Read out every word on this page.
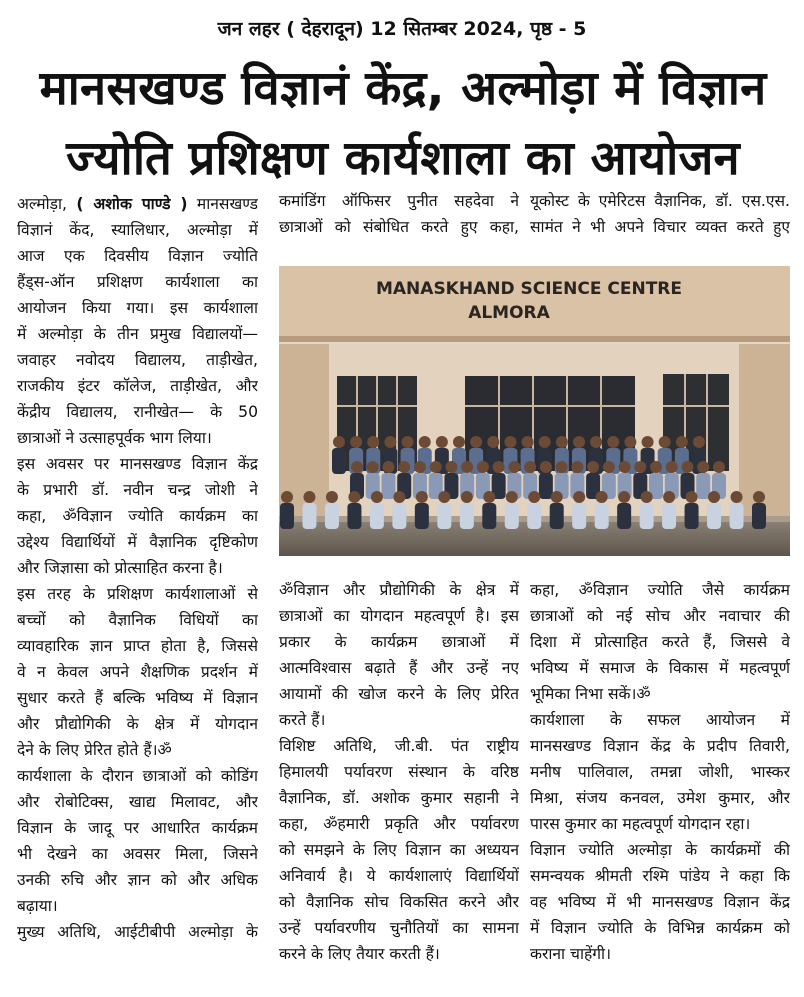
जन लहर ( देहरादून) 12 सितम्बर 2024, पृष्ठ - 5
मानसखण्ड विज्ञानं केंद्र, अल्मोड़ा में विज्ञान
ज्योति प्रशिक्षण कार्यशाला का आयोजन
अल्मोड़ा, ( अशोक पाण्डे ) मानसखण्ड
विज्ञानं केंद, स्यालिधार, अल्मोड़ा में
आज एक दिवसीय विज्ञान ज्योति
हैंड्स-ऑन प्रशिक्षण कार्यशाला का
आयोजन किया गया। इस कार्यशाला
में अल्मोड़ा के तीन प्रमुख विद्यालयों—
जवाहर नवोदय विद्यालय, ताड़ीखेत,
राजकीय इंटर कॉलेज, ताड़ीखेत, और
केंद्रीय विद्यालय, रानीखेत— के 50
छात्राओं ने उत्साहपूर्वक भाग लिया।
इस अवसर पर मानसखण्ड विज्ञान केंद्र
के प्रभारी डॉ. नवीन चन्द्र जोशी ने
कहा, ॐविज्ञान ज्योति कार्यक्रम का
उद्देश्य विद्यार्थियों में वैज्ञानिक दृष्टिकोण
और जिज्ञासा को प्रोत्साहित करना है।
इस तरह के प्रशिक्षण कार्यशालाओं से
बच्चों को वैज्ञानिक विधियों का
व्यावहारिक ज्ञान प्राप्त होता है, जिससे
वे न केवल अपने शैक्षणिक प्रदर्शन में
सुधार करते हैं बल्कि भविष्य में विज्ञान
और प्रौद्योगिकी के क्षेत्र में योगदान
देने के लिए प्रेरित होते हैं।ॐ
कार्यशाला के दौरान छात्राओं को कोडिंग
और रोबोटिक्स, खाद्य मिलावट, और
विज्ञान के जादू पर आधारित कार्यक्रम
भी देखने का अवसर मिला, जिसने
उनकी रुचि और ज्ञान को और अधिक
बढ़ाया।
मुख्य अतिथि, आईटीबीपी अल्मोड़ा के
कमांडिंग ऑफिसर पुनीत सहदेवा ने
छात्राओं को संबोधित करते हुए कहा,
यूकोस्ट के एमेरिटस वैज्ञानिक, डॉ. एस.एस.
सामंत ने भी अपने विचार व्यक्त करते हुए
MANASKHAND SCIENCE CENTRE
ALMORA
ॐविज्ञान और प्रौद्योगिकी के क्षेत्र में
छात्राओं का योगदान महत्वपूर्ण है। इस
प्रकार के कार्यक्रम छात्राओं में
आत्मविश्वास बढ़ाते हैं और उन्हें नए
आयामों की खोज करने के लिए प्रेरित
करते हैं।
विशिष्ट अतिथि, जी.बी. पंत राष्ट्रीय
हिमालयी पर्यावरण संस्थान के वरिष्ठ
वैज्ञानिक, डॉ. अशोक कुमार सहानी ने
कहा, ॐहमारी प्रकृति और पर्यावरण
को समझने के लिए विज्ञान का अध्ययन
अनिवार्य है। ये कार्यशालाएं विद्यार्थियों
को वैज्ञानिक सोच विकसित करने और
उन्हें पर्यावरणीय चुनौतियों का सामना
करने के लिए तैयार करती हैं।
कहा, ॐविज्ञान ज्योति जैसे कार्यक्रम
छात्राओं को नई सोच और नवाचार की
दिशा में प्रोत्साहित करते हैं, जिससे वे
भविष्य में समाज के विकास में महत्वपूर्ण
भूमिका निभा सकें।ॐ
कार्यशाला के सफल आयोजन में
मानसखण्ड विज्ञान केंद्र के प्रदीप तिवारी,
मनीष पालिवाल, तमन्ना जोशी, भास्कर
मिश्रा, संजय कनवल, उमेश कुमार, और
पारस कुमार का महत्वपूर्ण योगदान रहा।
विज्ञान ज्योति अल्मोड़ा के कार्यक्रमों की
समन्वयक श्रीमती रश्मि पांडेय ने कहा कि
वह भविष्य में भी मानसखण्ड विज्ञान केंद्र
में विज्ञान ज्योति के विभिन्न कार्यक्रम को
कराना चाहेंगी।
